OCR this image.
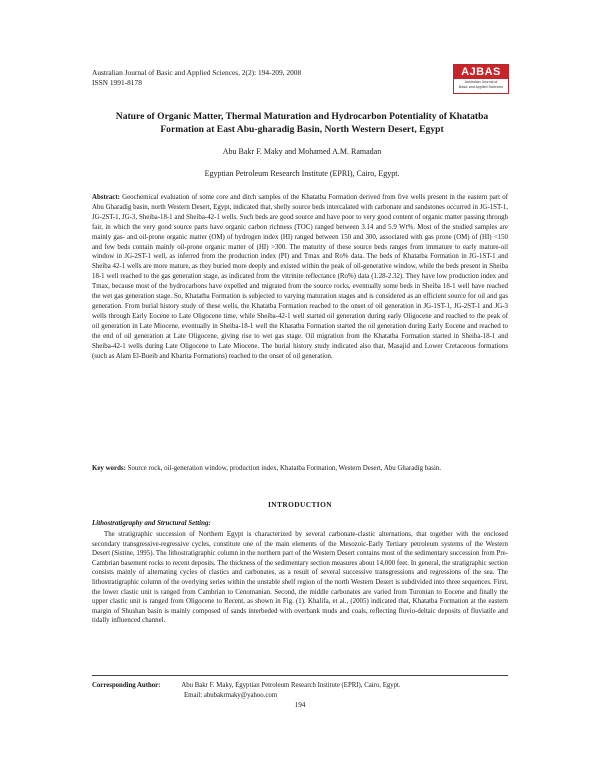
Australian Journal of Basic and Applied Sciences, 2(2): 194-209, 2008
ISSN 1991-8178
AJBAS
Australian Journal of
Basic and Applied Sciences
Nature of Organic Matter, Thermal Maturation and Hydrocarbon Potentiality of Khatatba Formation at East Abu-gharadig Basin, North Western Desert, Egypt
Abu Bakr F. Maky and Mohamed A.M. Ramadan
Egyptian Petroleum Research Institute (EPRI), Cairo, Egypt.
Abstract: Geochemical evaluation of some core and ditch samples of the Khatatba Formation derived from five wells present in the eastern part of Abu Gharadig basin, north Western Desert, Egypt, indicated that, shelly source beds intercalated with carbonate and sandstones occurred in JG-1ST-1, JG-2ST-1, JG-3, Sheiba-18-1 and Sheiba-42-1 wells. Such beds are good source and have poor to very good content of organic matter passing through fair, in which the very good source parts have organic carbon richness (TOC) ranged between 3.14 and 5.9 Wt%. Most of the studied samples are mainly gas- and oil-prone organic matter (OM) of hydrogen index (HI) ranged between 150 and 300, associated with gas prone (OM) of (HI) <150 and few beds contain mainly oil-prone organic matter of (HI) >300. The maturity of these source beds ranges from immature to early mature-oil window in JG-2ST-1 well, as inferred from the production index (PI) and Tmax and Ro% data. The beds of Khatatba Formation in JG-1ST-1 and Sheiba 42-1 wells are more mature, as they buried more deeply and existed within the peak of oil-generative window, while the beds present in Sheiba 18-1 well reached to the gas generation stage, as indicated from the vitrinite reflectance (Ro%) data (1.28-2.32). They have low production index and Tmax, because most of the hydrocarbons have expelled and migrated from the source rocks, eventually some beds in Sheiba 18-1 well have reached the wet gas generation stage. So, Khatatba Formation is subjected to varying maturation stages and is considered as an efficient source for oil and gas generation. From burial history study of these wells, the Khatatba Formation reached to the onset of oil generation in JG-1ST-1, JG-2ST-1 and JG-3 wells through Early Eocene to Late Oligocene time, while Sheiba-42-1 well started oil generation during early Oligocene and reached to the peak of oil generation in Late Miocene, eventually in Sheiba-18-1 well the Khatatba Formation started the oil generation during Early Eocene and reached to the end of oil generation at Late Oligocene, giving rise to wet gas stage. Oil migration from the Khatatba Formation started in Sheiba-18-1 and Sheiba-42-1 wells during Late Oligocene to Late Miocene. The burial history study indicated also that, Masajid and Lower Cretaceous formations (such as Alam El-Bueib and Kharita Formations) reached to the onset of oil generation.
Key words: Source rock, oil-generation window, production index, Khatatba Formation, Western Desert, Abu Gharadig basin.
INTRODUCTION
Lithostratigraphy and Structural Setting:
The stratigraphic succession of Northern Egypt is characterized by several carbonate-clastic alternations, that together with the enclosed secondary transgressive-regressive cycles, constitute one of the main elements of the Mesozoic-Early Tertiary petroleum systems of the Western Desert (Sistine, 1995). The lithostratigraphic column in the northern part of the Western Desert contains most of the sedimentary succession from Pre-Cambrian basement rocks to recent deposits. The thickness of the sedimentary section measures about 14,000 feet. In general, the stratigraphic section consists mainly of alternating cycles of clastics and carbonates, as a result of several successive transgressions and regressions of the sea. The lithostratigraphic column of the overlying series within the unstable shelf region of the north Western Desert is subdivided into three sequences. First, the lower clastic unit is ranged from Cambrian to Cenomanian. Second, the middle carbonates are varied from Turonian to Eocene and finally the upper clastic unit is ranged from Oligocene to Recent, as shown in Fig. (1). Khalifa, et al., (2005) indicated that, Khatatba Formation at the eastern margin of Shushan basin is mainly composed of sands interbeded with overbank muds and coals, reflecting fluvio-deltaic deposits of fluviatile and tidally influenced channel.
Corresponding Author:	Abu Bakr F. Maky, Egyptian Petroleum Research Institute (EPRI), Cairo, Egypt.
Email: abubakrmaky@yahoo.com
194
